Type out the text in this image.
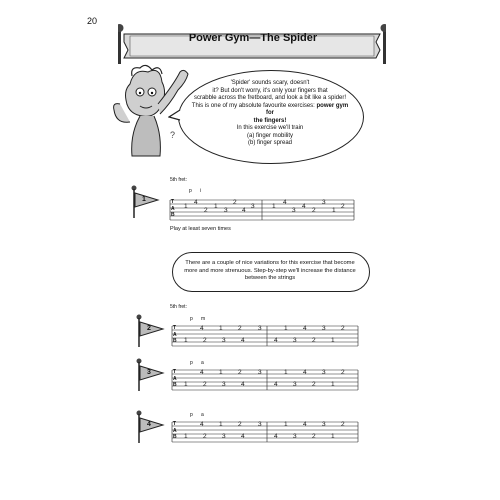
20
Power Gym—The Spider
?
'Spider' sounds scary, doesn't
it? But don't worry, it's only your fingers that
scrabble across the fretboard, and look a bit like a spider!
This is one of my absolute favourite exercises: power gym for
the fingers!
In this exercise we'll train
(a) finger mobility
(b) finger spread
5th fret:
p i
1	T
A
B
1
4
2
1
3
2
4
3	1
4
3
4
2
3
1
2
Play at least seven times
There are a couple of nice variations for this exercise that become
more and more strenuous. Step-by-step we'll increase the distance
between the strings
5th fret:
p m
2	T
A
B
4 1 2	3	1 4 3 2
1 2 3 4	4 3 2 1
p a
3	T
A
B
4 1 2	3	1 4 3 2
1 2 3 4	4 3 2 1
p a
4	T
A
B
4 1 2	3	1 4 3 2
1 2 3 4	4 3 2 1
